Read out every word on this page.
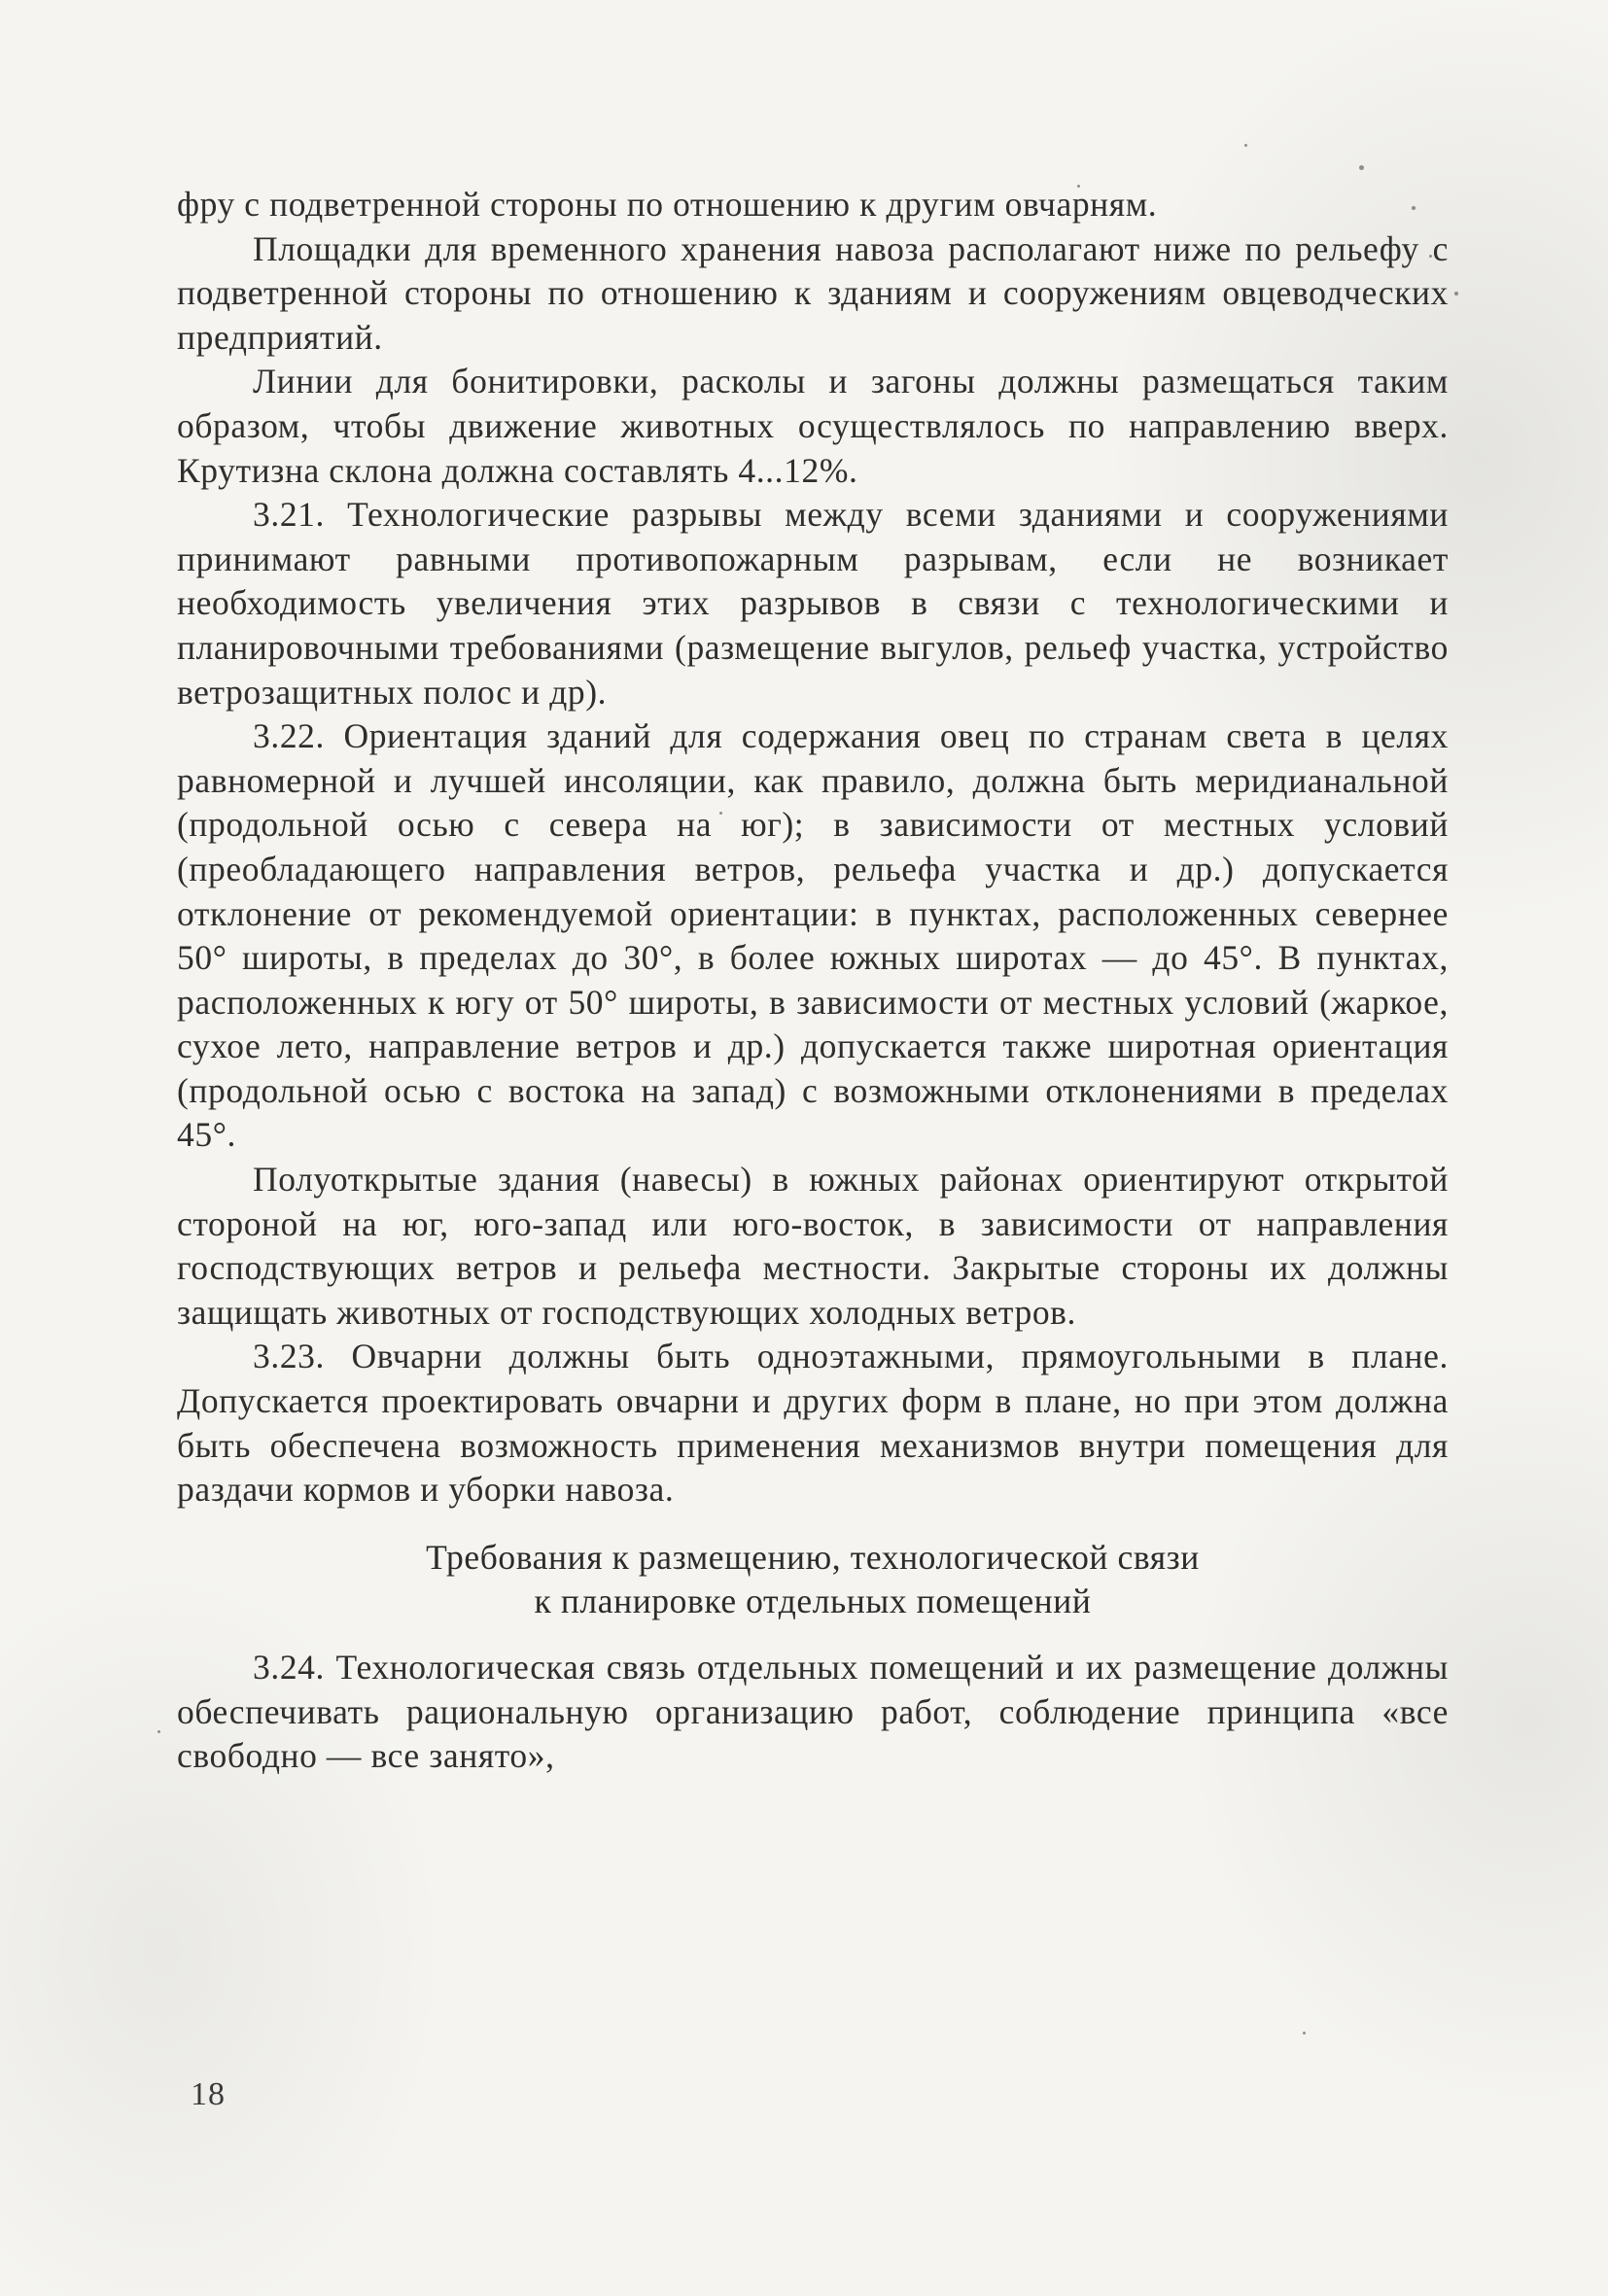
фру с подветренной стороны по отношению к другим овчарням.

Площадки для временного хранения навоза располагают ниже по рельефу с подветренной стороны по отношению к зданиям и сооружениям овцеводческих предприятий.

Линии для бонитировки, расколы и загоны должны размещаться таким образом, чтобы движение животных осуществлялось по направлению вверх. Крутизна склона должна составлять 4...12%.

3.21. Технологические разрывы между всеми зданиями и сооружениями принимают равными противопожарным разрывам, если не возникает необходимость увеличения этих разрывов в связи с технологическими и планировочными требованиями (размещение выгулов, рельеф участка, устройство ветрозащитных полос и др).

3.22. Ориентация зданий для содержания овец по странам света в целях равномерной и лучшей инсоляции, как правило, должна быть меридианальной (продольной осью с севера на юг); в зависимости от местных условий (преобладающего направления ветров, рельефа участка и др.) допускается отклонение от рекомендуемой ориентации: в пунктах, расположенных севернее 50° широты, в пределах до 30°, в более южных широтах — до 45°. В пунктах, расположенных к югу от 50° широты, в зависимости от местных условий (жаркое, сухое лето, направление ветров и др.) допускается также широтная ориентация (продольной осью с востока на запад) с возможными отклонениями в пределах 45°.

Полуоткрытые здания (навесы) в южных районах ориентируют открытой стороной на юг, юго-запад или юго-восток, в зависимости от направления господствующих ветров и рельефа местности. Закрытые стороны их должны защищать животных от господствующих холодных ветров.

3.23. Овчарни должны быть одноэтажными, прямоугольными в плане. Допускается проектировать овчарни и других форм в плане, но при этом должна быть обеспечена возможность применения механизмов внутри помещения для раздачи кормов и уборки навоза.

Требования к размещению, технологической связи
к планировке отдельных помещений

3.24. Технологическая связь отдельных помещений и их размещение должны обеспечивать рациональную организацию работ, соблюдение принципа «все свободно — все занято»,

18
